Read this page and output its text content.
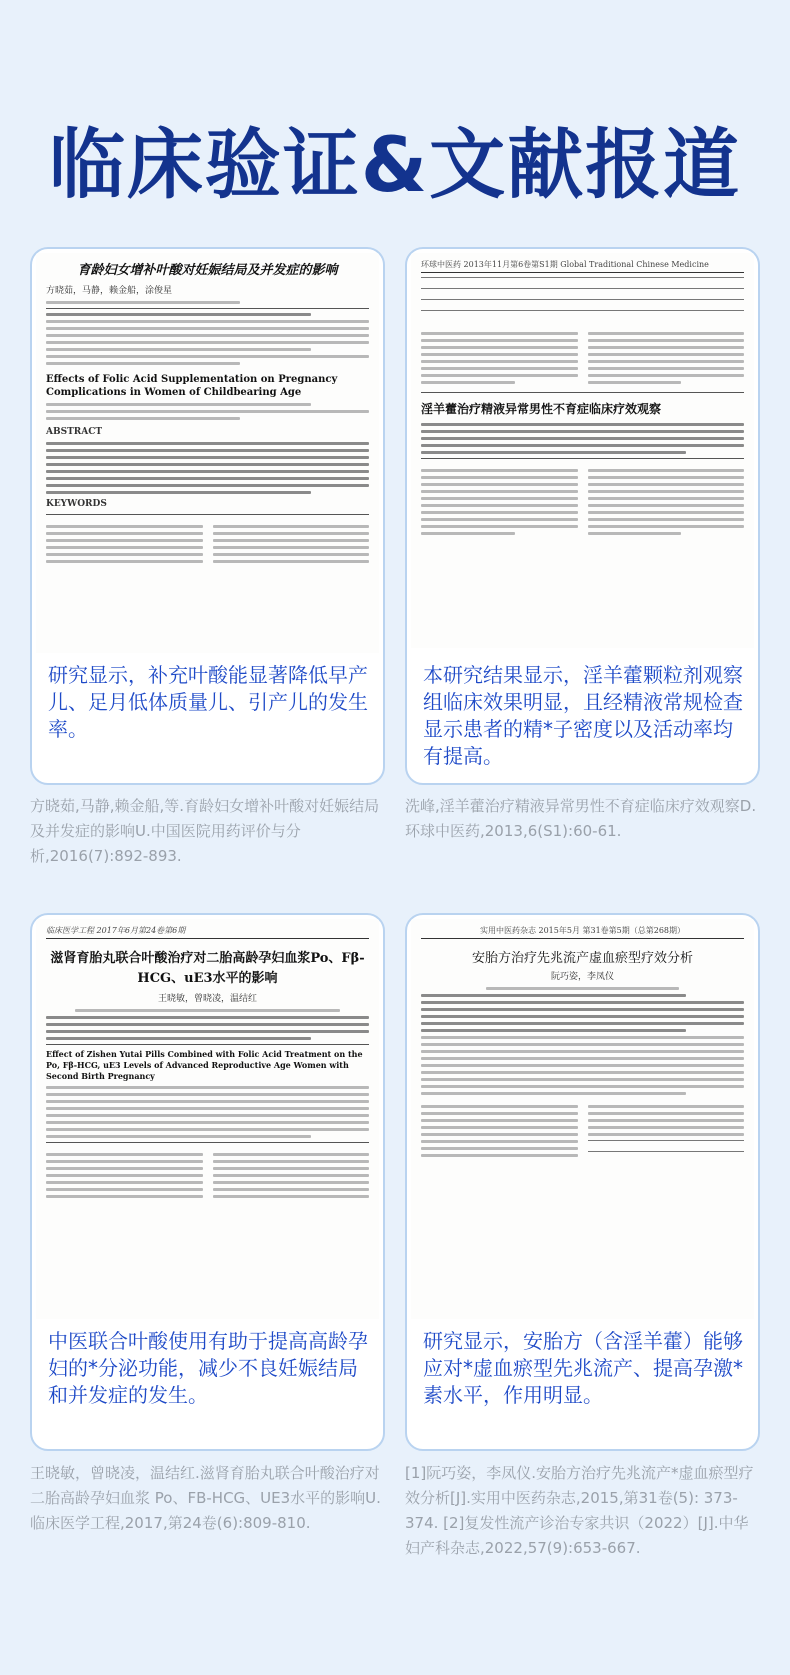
临床验证&文献报道
育龄妇女增补叶酸对妊娠结局及并发症的影响
方晓茹，马静，赖金船，涂俊星
Effects of Folic Acid Supplementation on Pregnancy Complications in Women of Childbearing Age
ABSTRACT
KEYWORDS
研究显示，补充叶酸能显著降低早产儿、足月低体质量儿、引产儿的发生率。
方晓茹,马静,赖金船,等.育龄妇女增补叶酸对妊娠结局及并发症的影响U.中国医院用药评价与分析,2016(7):892-893.
环球中医药 2013年11月第6卷第S1期 Global Traditional Chinese Medicine

淫羊藿治疗精液异常男性不育症临床疗效观察
本研究结果显示，淫羊藿颗粒剂观察组临床效果明显，且经精液常规检查显示患者的精*子密度以及活动率均有提高。
洗峰,淫羊藿治疗精液异常男性不育症临床疗效观察D.环球中医药,2013,6(S1):60-61.
临床医学工程 2017年6月第24卷第6期
滋肾育胎丸联合叶酸治疗对二胎高龄孕妇血浆Po、Fβ-HCG、uE3水平的影响
王晓敏，曾晓凌，温结红
Effect of Zishen Yutai Pills Combined with Folic Acid Treatment on the Po, Fβ-HCG, uE3 Levels of Advanced Reproductive Age Women with Second Birth Pregnancy
中医联合叶酸使用有助于提高高龄孕妇的*分泌功能，减少不良妊娠结局和并发症的发生。
王晓敏，曾晓凌，温结红.滋肾育胎丸联合叶酸治疗对二胎高龄孕妇血浆 Po、FB-HCG、UE3水平的影响U.临床医学工程,2017,第24卷(6):809-810.
实用中医药杂志 2015年5月 第31卷第5期（总第268期）
安胎方治疗先兆流产虚血瘀型疗效分析
阮巧姿，李凤仪

研究显示，安胎方（含淫羊藿）能够应对*虚血瘀型先兆流产、提高孕激*素水平，作用明显。
[1]阮巧姿，李凤仪.安胎方治疗先兆流产*虚血瘀型疗效分析[J].实用中医药杂志,2015,第31卷(5): 373-374. [2]复发性流产诊治专家共识（2022）[J].中华妇产科杂志,2022,57(9):653-667.
